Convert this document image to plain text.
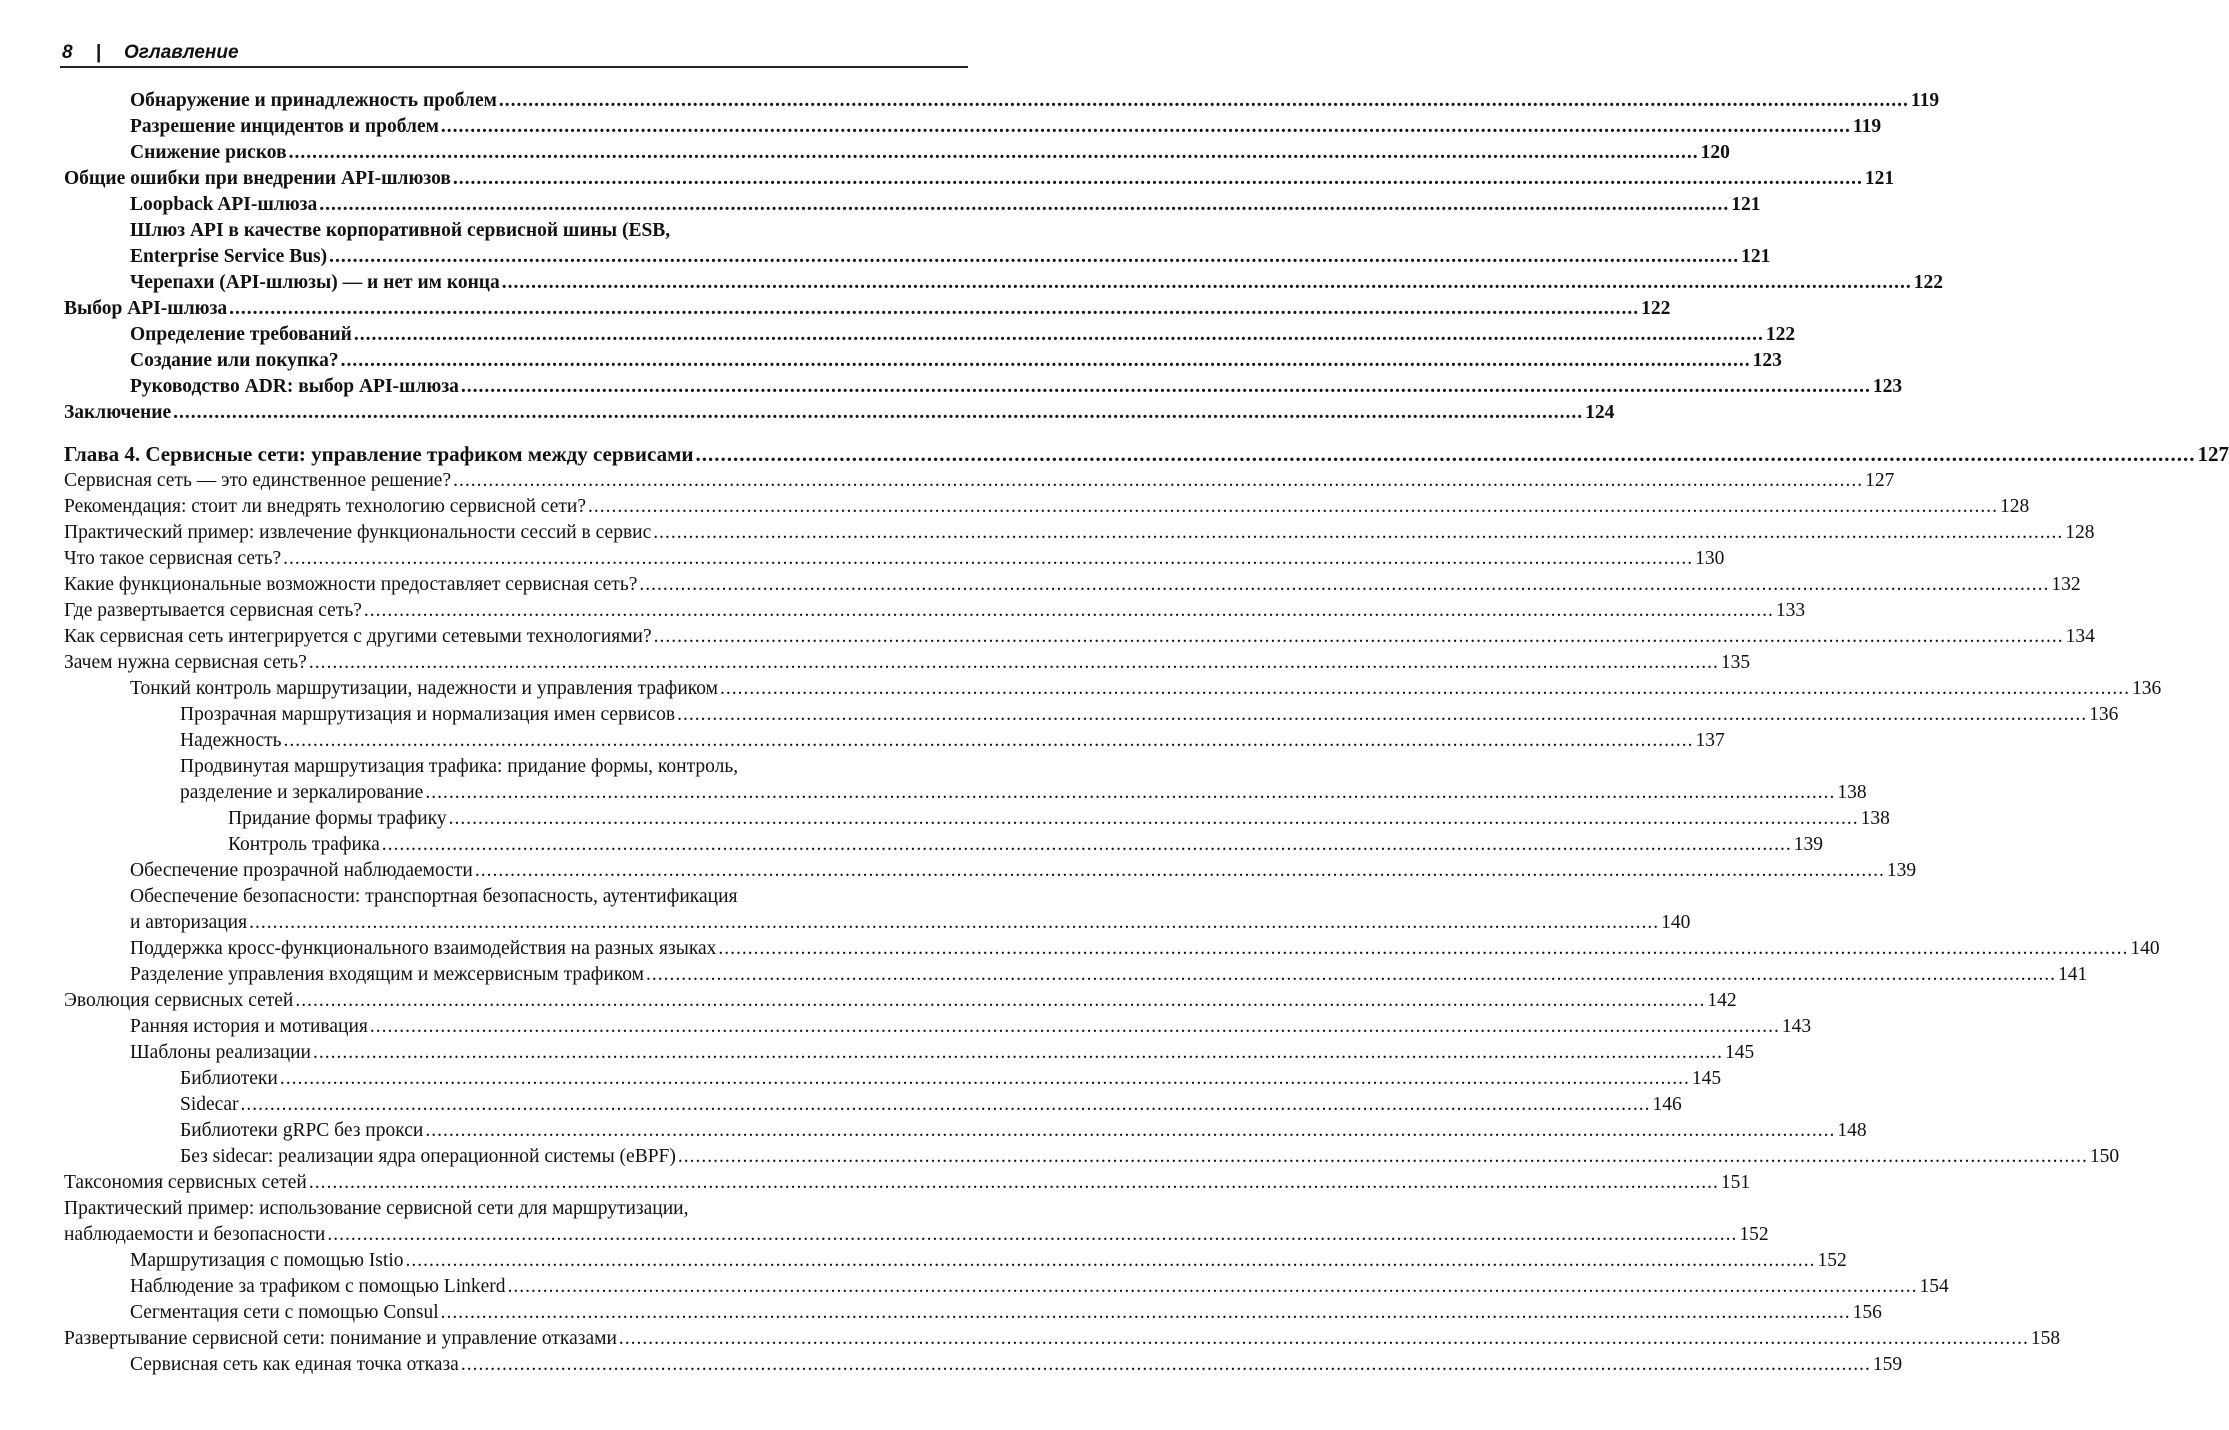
8 | Оглавление
Обнаружение и принадлежность проблем .....	119
Разрешение инцидентов и проблем .....	119
Снижение рисков .....	120
Общие ошибки при внедрении API-шлюзов .....	121
Loopback API-шлюза .....	121
Шлюз API в качестве корпоративной сервисной шины (ESB,
Enterprise Service Bus) .....	121
Черепахи (API-шлюзы) — и нет им конца .....	122
Выбор API-шлюза .....	122
Определение требований .....	122
Создание или покупка? .....	123
Руководство ADR: выбор API-шлюза .....	123
Заключение .....	124
Глава 4. Сервисные сети: управление трафиком между сервисами .....	127
Сервисная сеть — это единственное решение? .....	127
Рекомендация: стоит ли внедрять технологию сервисной сети? .....	128
Практический пример: извлечение функциональности сессий в сервис .....	128
Что такое сервисная сеть? .....	130
Какие функциональные возможности предоставляет сервисная сеть? .....	132
Где развертывается сервисная сеть? .....	133
Как сервисная сеть интегрируется с другими сетевыми технологиями? .....	134
Зачем нужна сервисная сеть? .....	135
Тонкий контроль маршрутизации, надежности и управления трафиком .....	136
Прозрачная маршрутизация и нормализация имен сервисов .....	136
Надежность .....	137
Продвинутая маршрутизация трафика: придание формы, контроль,
разделение и зеркалирование .....	138
Придание формы трафику .....	138
Контроль трафика .....	139
Обеспечение прозрачной наблюдаемости .....	139
Обеспечение безопасности: транспортная безопасность, аутентификация
и авторизация .....	140
Поддержка кросс-функционального взаимодействия на разных языках .....	140
Разделение управления входящим и межсервисным трафиком .....	141
Эволюция сервисных сетей .....	142
Ранняя история и мотивация .....	143
Шаблоны реализации .....	145
Библиотеки .....	145
Sidecar .....	146
Библиотеки gRPC без прокси .....	148
Без sidecar: реализации ядра операционной системы (eBPF) .....	150
Таксономия сервисных сетей .....	151
Практический пример: использование сервисной сети для маршрутизации,
наблюдаемости и безопасности .....	152
Маршрутизация с помощью Istio .....	152
Наблюдение за трафиком с помощью Linkerd .....	154
Сегментация сети с помощью Consul .....	156
Развертывание сервисной сети: понимание и управление отказами .....	158
Сервисная сеть как единая точка отказа .....	159
